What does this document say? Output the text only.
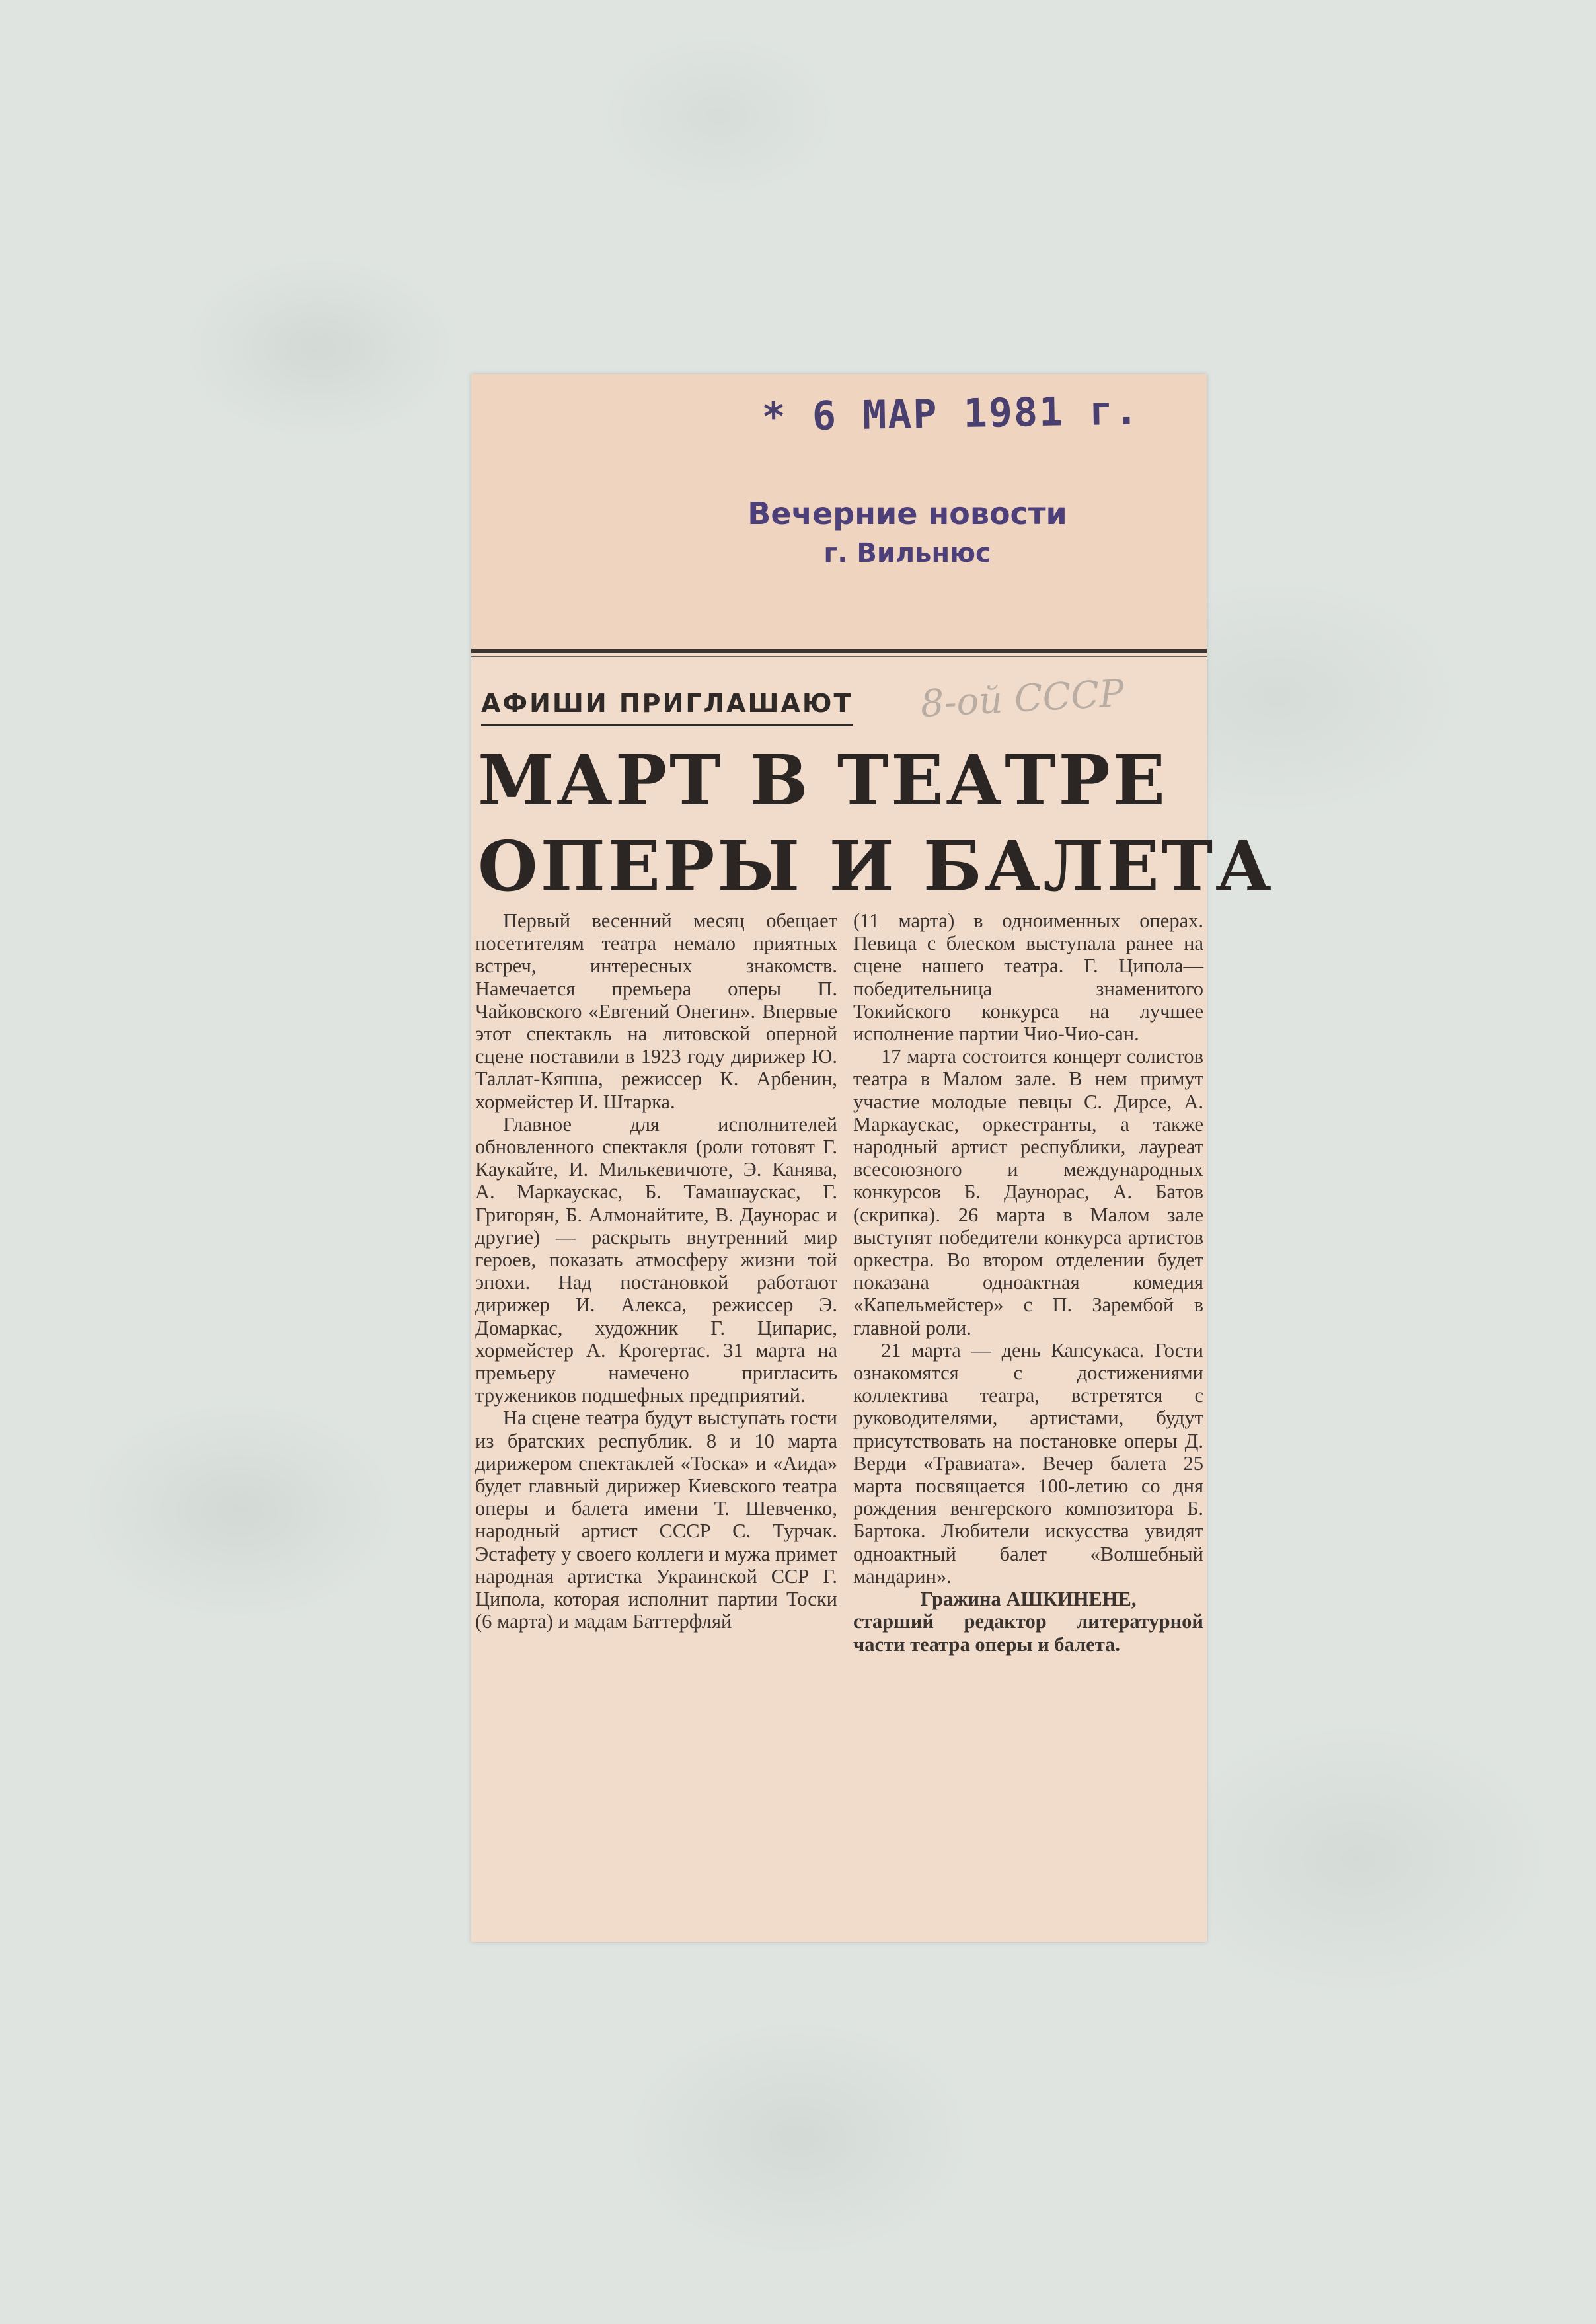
* 6 МАР 1981 г.
Вечерние новости
г. Вильнюс
АФИШИ ПРИГЛАШАЮТ 8-ой СССР
МАРТ В ТЕАТРЕ
ОПЕРЫ И БАЛЕТА

Первый весенний месяц обещает посетителям театра немало приятных встреч, интересных знакомств. Намечается премьера оперы П. Чайковского «Евгений Онегин». Впервые этот спектакль на литовской оперной сцене поставили в 1923 году дирижер Ю. Таллат-Кяпша, режиссер К. Арбенин, хормейстер И. Штарка.

Главное для исполнителей обновленного спектакля (роли готовят Г. Каукайте, И. Милькевичюте, Э. Канява, А. Маркаускас, Б. Тамашаускас, Г. Григорян, Б. Алмонайтите, В. Даунорас и другие) — раскрыть внутренний мир героев, показать атмосферу жизни той эпохи. Над постановкой работают дирижер И. Алекса, режиссер Э. Домаркас, художник Г. Ципарис, хормейстер А. Крогертас. 31 марта на премьеру намечено пригласить тружеников подшефных предприятий.

На сцене театра будут выступать гости из братских республик. 8 и 10 марта дирижером спектаклей «Тоска» и «Аида» будет главный дирижер Киевского театра оперы и балета имени Т. Шевченко, народный артист СССР С. Турчак. Эстафету у своего коллеги и мужа примет народная артистка Украинской ССР Г. Ципола, которая исполнит партии Тоски (6 марта) и мадам Баттерфляй

(11 марта) в одноименных операх. Певица с блеском выступала ранее на сцене нашего театра. Г. Ципола—победительница знаменитого Токийского конкурса на лучшее исполнение партии Чио-Чио-сан.

17 марта состоится концерт солистов театра в Малом зале. В нем примут участие молодые певцы С. Дирсе, А. Маркаускас, оркестранты, а также народный артист республики, лауреат всесоюзного и международных конкурсов Б. Даунорас, А. Батов (скрипка). 26 марта в Малом зале выступят победители конкурса артистов оркестра. Во втором отделении будет показана одноактная комедия «Капельмейстер» с П. Зарембой в главной роли.

21 марта — день Капсукаса. Гости ознакомятся с достижениями коллектива театра, встретятся с руководителями, артистами, будут присутствовать на постановке оперы Д. Верди «Травиата». Вечер балета 25 марта посвящается 100-летию со дня рождения венгерского композитора Б. Бартока. Любители искусства увидят одноактный балет «Волшебный мандарин».

Гражина АШКИНЕНЕ,
старший редактор литературной части театра оперы и балета.
